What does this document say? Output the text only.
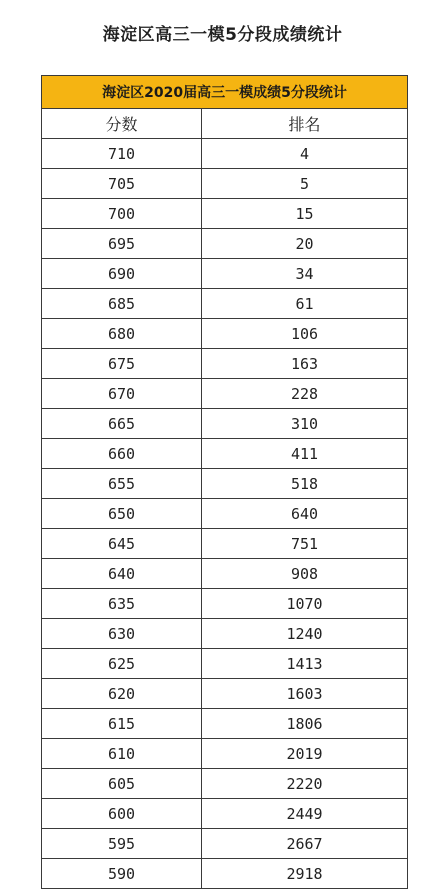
海淀区高三一模5分段成绩统计
海淀区2020届高三一模成绩5分段统计	
分数	排名
710	4
705	5
700	15
695	20
690	34
685	61
680	106
675	163
670	228
665	310
660	411
655	518
650	640
645	751
640	908
635	1070
630	1240
625	1413
620	1603
615	1806
610	2019
605	2220
600	2449
595	2667
590	2918
